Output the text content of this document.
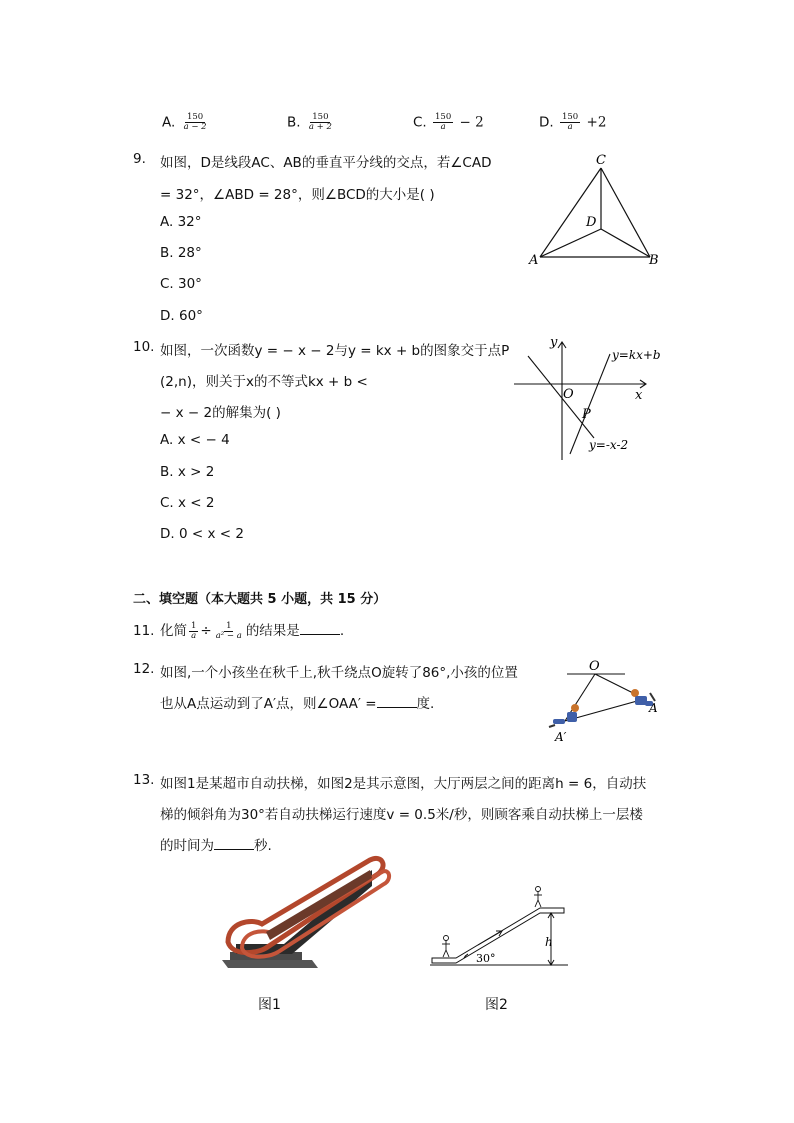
A. $\frac{150}{a - 2}$	B. $\frac{150}{a + 2}$	C. $\frac{150}{a} - 2$	D. $\frac{150}{a} +2$
9. 如图，D是线段AC、AB的垂直平分线的交点，若∠CAD
= 32°，∠ABD = 28°，则∠BCD的大小是( )
A. 32°
B. 28°
C. 30°
D. 60°
C
D
A	B
10. 如图，一次函数y = − x − 2与y = kx + b的图象交于点P
(2,n)，则关于x的不等式kx + b <
− x − 2的解集为( )
A. x < − 4
B. x > 2
C. x < 2
D. 0 < x < 2
y
x
O
P
y=kx+b
y=-x-2
二、填空题（本大题共 5 小题，共 15 分）
11. 化简 $\frac{1}{a} \div \frac{1}{\text{a² − a}}$ 的结果是	.
12. 如图,一个小孩坐在秋千上,秋千绕点O旋转了86°,小孩的位置
也从A点运动到了A′点，则∠OAA′ =	度.
O
A
A′
13. 如图1是某超市自动扶梯，如图2是其示意图，大厅两层之间的距离h = 6，自动扶
梯的倾斜角为30°若自动扶梯运行速度v = 0.5米/秒，则顾客乘自动扶梯上一层楼
的时间为	秒.
图1
h
30°
图2
